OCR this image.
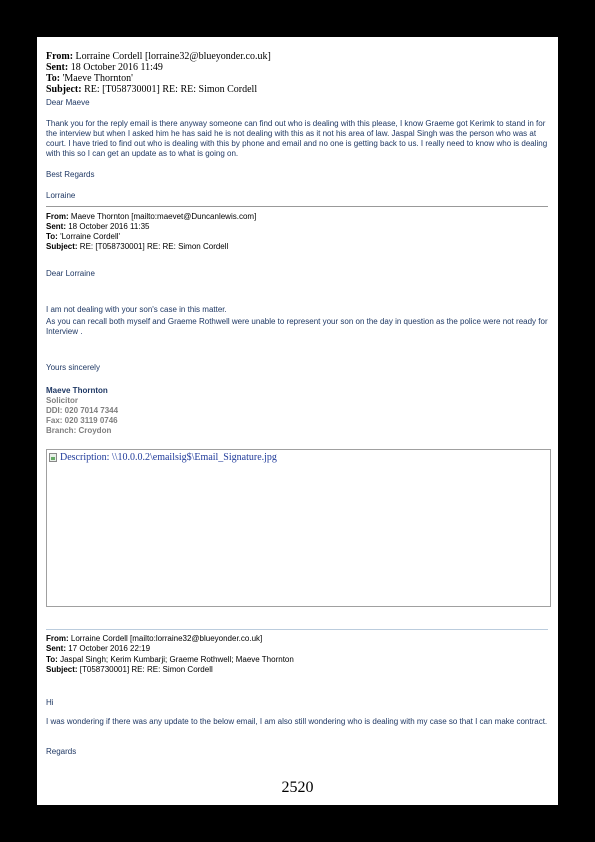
From: Lorraine Cordell [lorraine32@blueyonder.co.uk]
Sent: 18 October 2016 11:49
To: 'Maeve Thornton'
Subject: RE: [T058730001] RE: RE: Simon Cordell
Dear Maeve
Thank you for the reply email is there anyway someone can find out who is dealing with this please, I know Graeme got Kerimk to stand in for the interview but when I asked him he has said he is not dealing with this as it not his area of law. Jaspal Singh was the person who was at court. I have tried to find out who is dealing with this by phone and email and no one is getting back to us. I really need to know who is dealing with this so I can get an update as to what is going on.
Best Regards
Lorraine
From: Maeve Thornton [mailto:maevet@Duncanlewis.com]
Sent: 18 October 2016 11:35
To: 'Lorraine Cordell'
Subject: RE: [T058730001] RE: RE: Simon Cordell
Dear Lorraine
I am not dealing with your son's case in this matter.
As you can recall both myself and Graeme Rothwell were unable to represent your son on the day in question as the police were not ready for Interview .
Yours sincerely
Maeve Thornton
Solicitor
DDI: 020 7014 7344
Fax: 020 3119 0746
Branch: Croydon
Description: \\10.0.0.2\emailsig$\Email_Signature.jpg
From: Lorraine Cordell [mailto:lorraine32@blueyonder.co.uk]
Sent: 17 October 2016 22:19
To: Jaspal Singh; Kerim Kumbarji; Graeme Rothwell; Maeve Thornton
Subject: [T058730001] RE: RE: Simon Cordell
Hi
I was wondering if there was any update to the below email, I am also still wondering who is dealing with my case so that I can make contract.
Regards
2520
